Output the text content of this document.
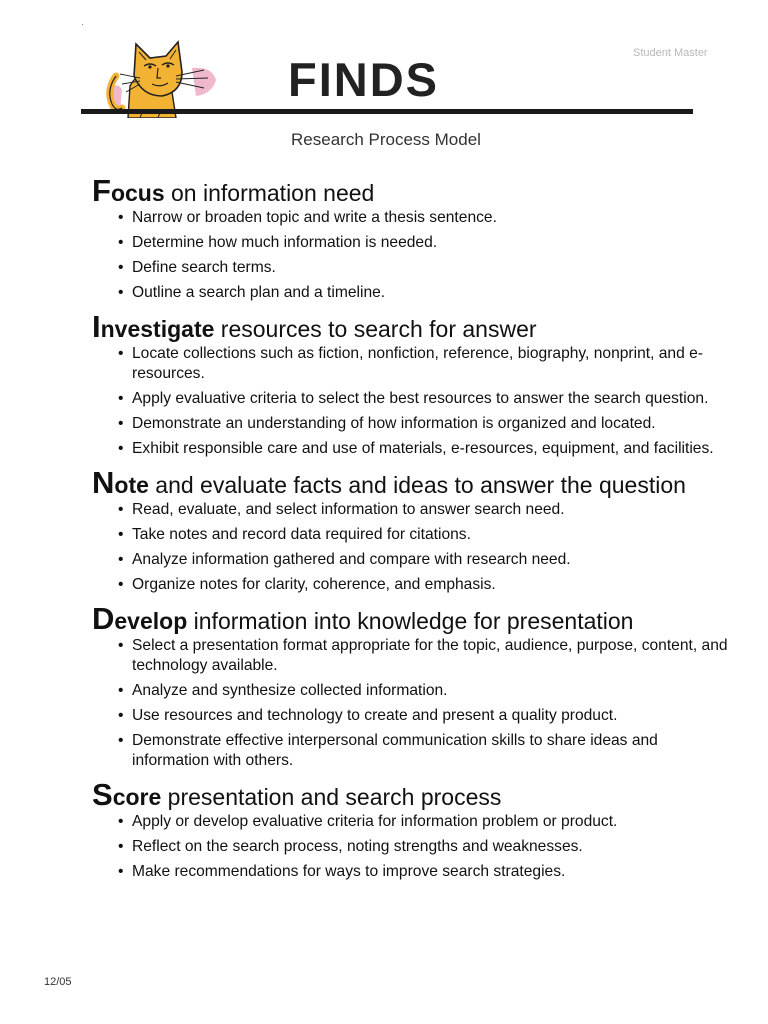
·
Student Master
FINDS
Research Process Model
Focus on information need
• Narrow or broaden topic and write a thesis sentence.
• Determine how much information is needed.
• Define search terms.
• Outline a search plan and a timeline.
Investigate resources to search for answer
• Locate collections such as fiction, nonfiction, reference, biography, nonprint, and e-resources.
• Apply evaluative criteria to select the best resources to answer the search question.
• Demonstrate an understanding of how information is organized and located.
• Exhibit responsible care and use of materials, e-resources, equipment, and facilities.
Note and evaluate facts and ideas to answer the question
• Read, evaluate, and select information to answer search need.
• Take notes and record data required for citations.
• Analyze information gathered and compare with research need.
• Organize notes for clarity, coherence, and emphasis.
Develop information into knowledge for presentation
• Select a presentation format appropriate for the topic, audience, purpose, content, and technology available.
• Analyze and synthesize collected information.
• Use resources and technology to create and present a quality product.
• Demonstrate effective interpersonal communication skills to share ideas and information with others.
Score presentation and search process
• Apply or develop evaluative criteria for information problem or product.
• Reflect on the search process, noting strengths and weaknesses.
• Make recommendations for ways to improve search strategies.
12/05
